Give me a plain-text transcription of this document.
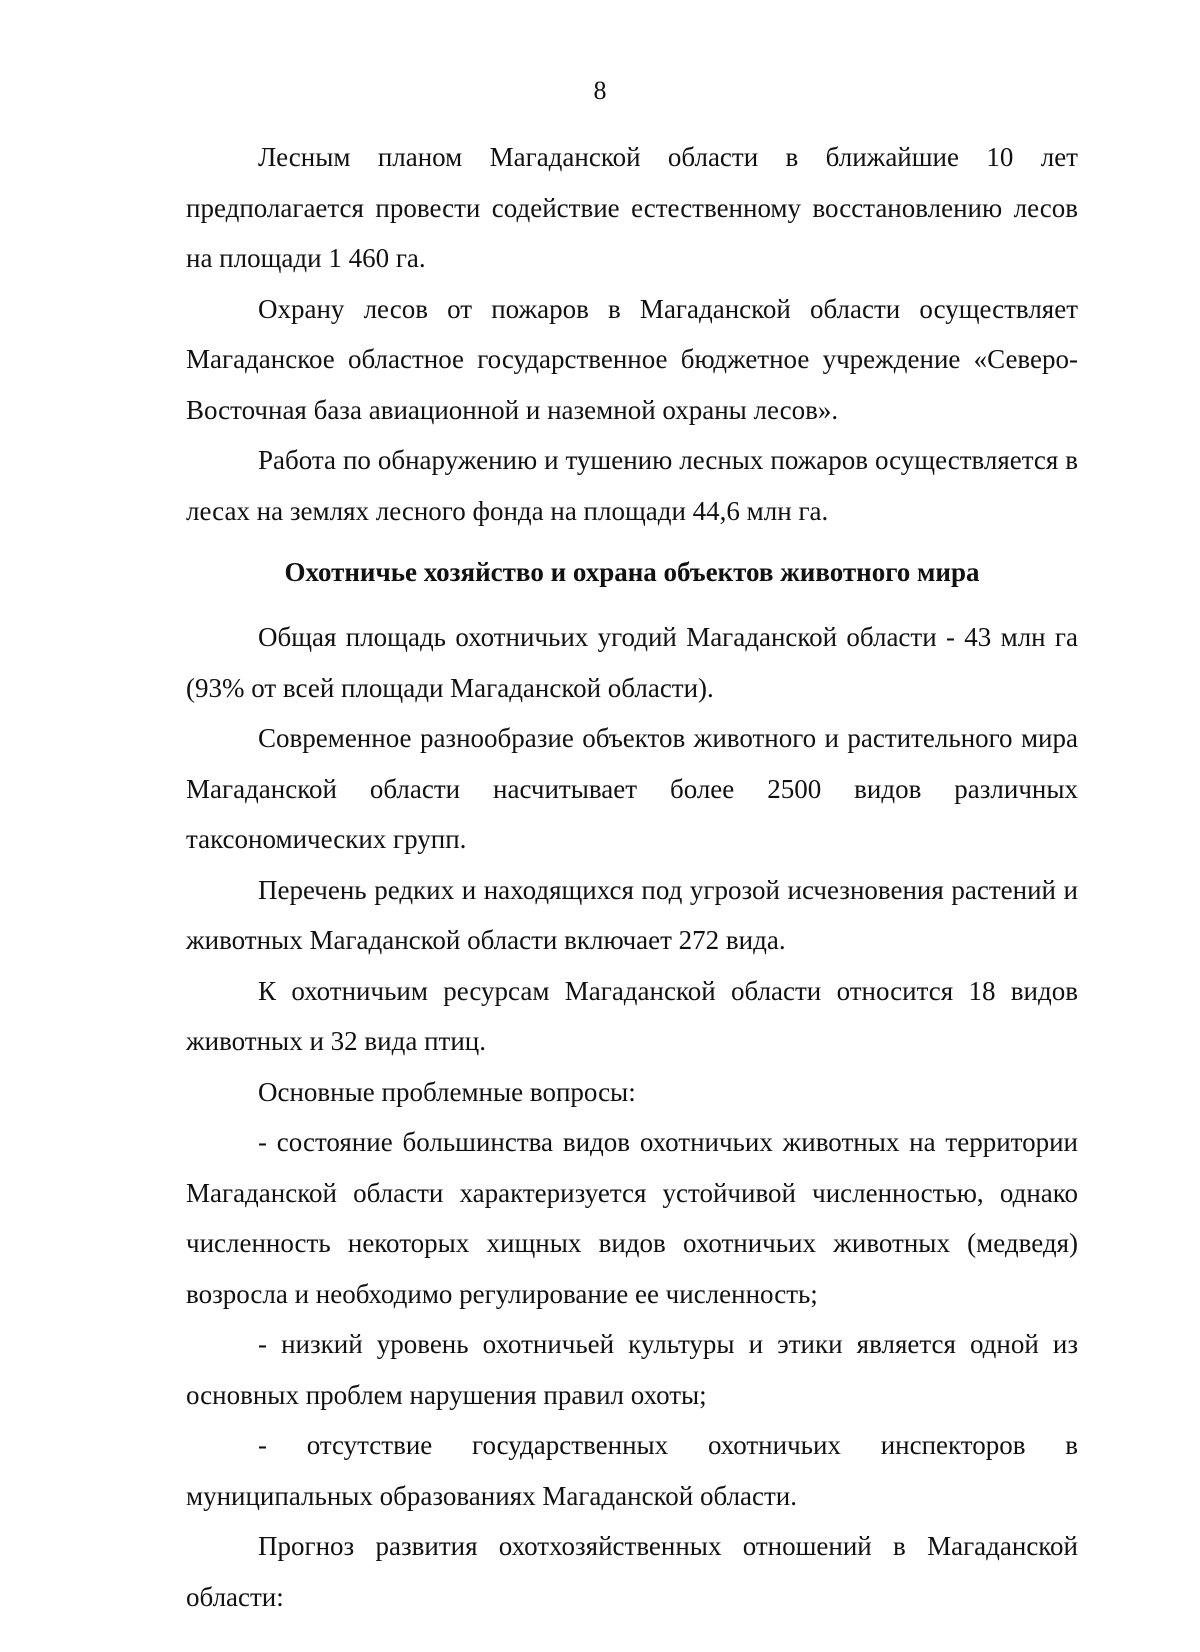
8

Лесным планом Магаданской области в ближайшие 10 лет предполагается провести содействие естественному восстановлению лесов на площади 1 460 га.

Охрану лесов от пожаров в Магаданской области осуществляет Магаданское областное государственное бюджетное учреждение «Северо-Восточная база авиационной и наземной охраны лесов».

Работа по обнаружению и тушению лесных пожаров осуществляется в лесах на землях лесного фонда на площади 44,6 млн га.

Охотничье хозяйство и охрана объектов животного мира

Общая площадь охотничьих угодий Магаданской области - 43 млн га (93% от всей площади Магаданской области).

Современное разнообразие объектов животного и растительного мира Магаданской области насчитывает более 2500 видов различных таксономических групп.

Перечень редких и находящихся под угрозой исчезновения растений и животных Магаданской области включает 272 вида.

К охотничьим ресурсам Магаданской области относится 18 видов животных и 32 вида птиц.

Основные проблемные вопросы:

- состояние большинства видов охотничьих животных на территории Магаданской области характеризуется устойчивой численностью, однако численность некоторых хищных видов охотничьих животных (медведя) возросла и необходимо регулирование ее численность;

- низкий уровень охотничьей культуры и этики является одной из основных проблем нарушения правил охоты;

- отсутствие государственных охотничьих инспекторов в муниципальных образованиях Магаданской области.

Прогноз развития охотхозяйственных отношений в Магаданской области:
